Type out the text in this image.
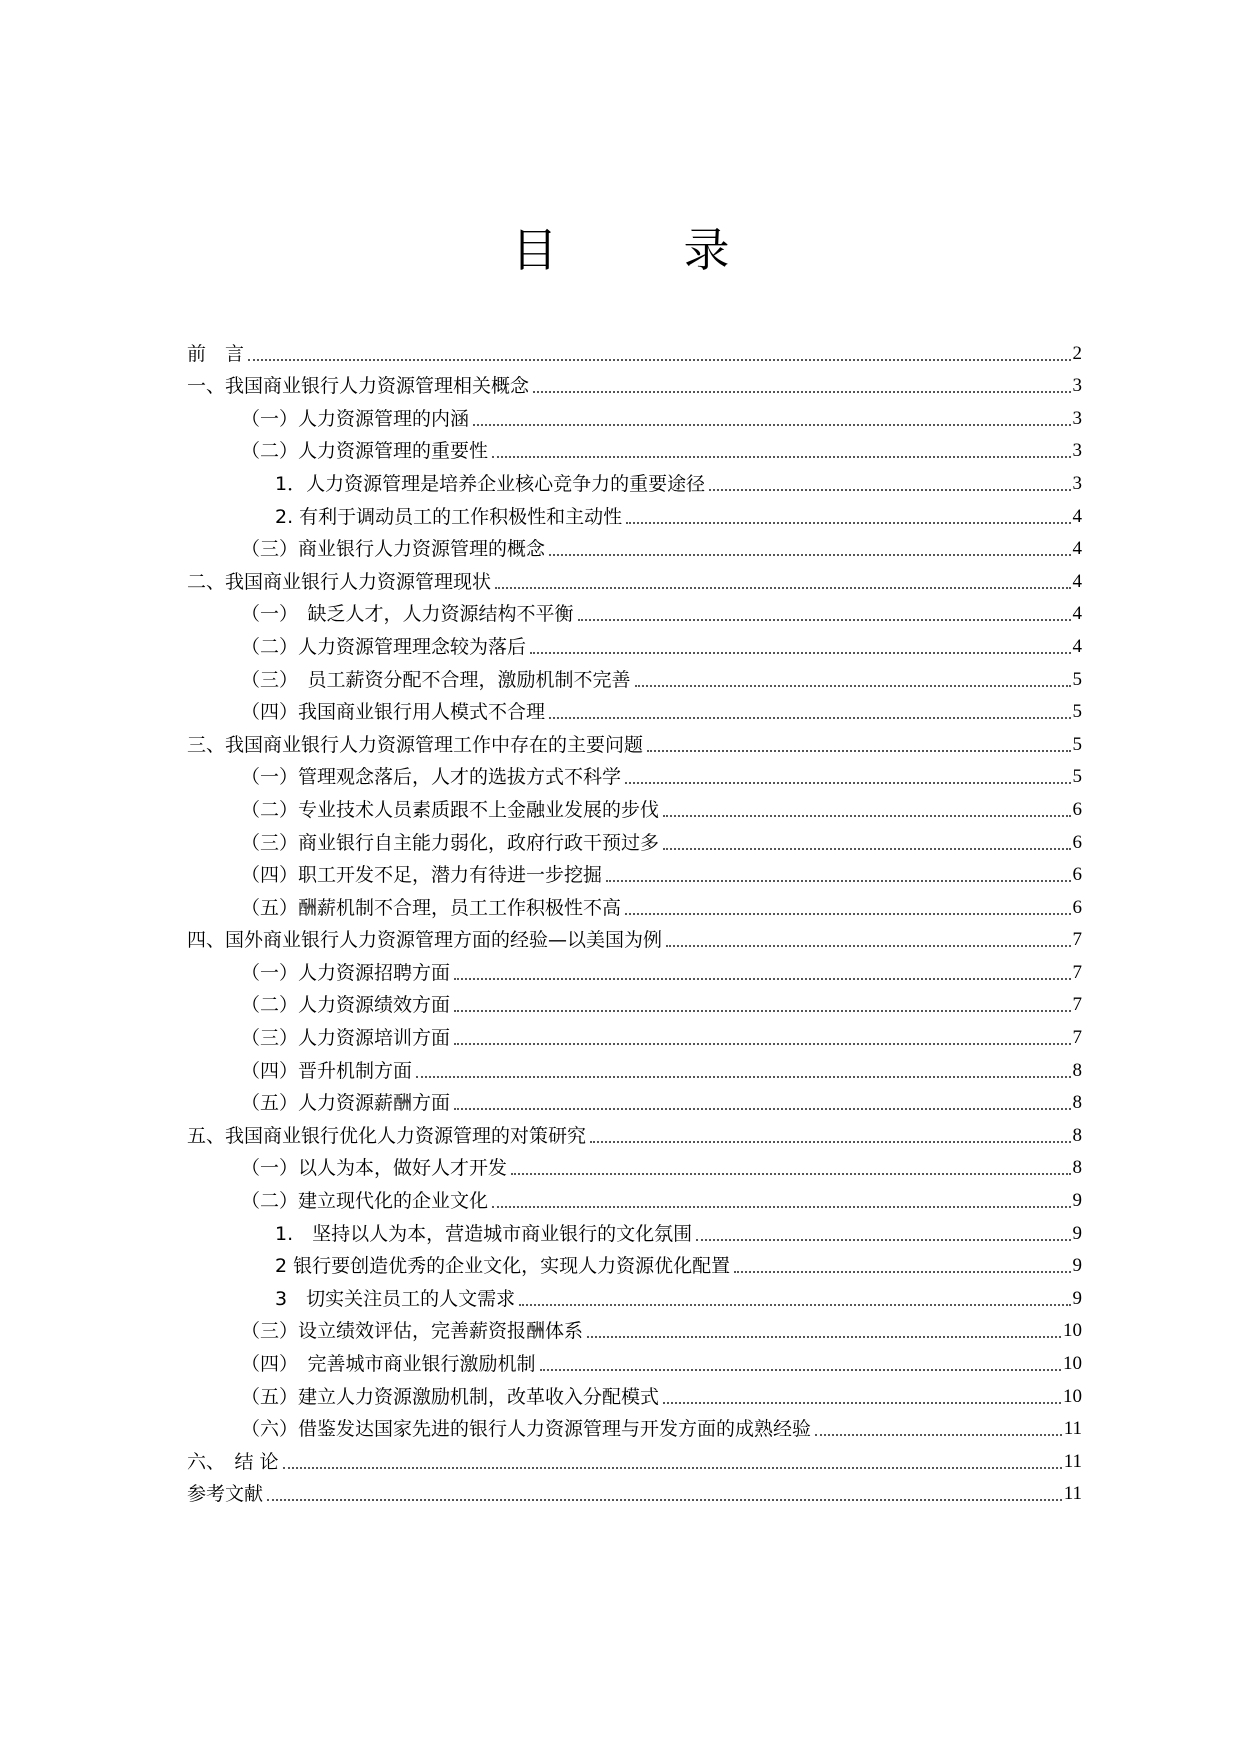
目　录
前　言	2
一、我国商业银行人力资源管理相关概念	3
（一）人力资源管理的内涵	3
（二）人力资源管理的重要性	3
1．人力资源管理是培养企业核心竞争力的重要途径	3
2. 有利于调动员工的工作积极性和主动性	4
（三）商业银行人力资源管理的概念	4
二、我国商业银行人力资源管理现状	4
（一）　缺乏人才，人力资源结构不平衡	4
（二）人力资源管理理念较为落后	4
（三）　员工薪资分配不合理，激励机制不完善	5
（四）我国商业银行用人模式不合理	5
三、我国商业银行人力资源管理工作中存在的主要问题	5
（一）管理观念落后，人才的选拔方式不科学	5
（二）专业技术人员素质跟不上金融业发展的步伐	6
（三）商业银行自主能力弱化，政府行政干预过多	6
（四）职工开发不足，潜力有待进一步挖掘	6
（五）酬薪机制不合理，员工工作积极性不高	6
四、国外商业银行人力资源管理方面的经验—以美国为例	7
（一）人力资源招聘方面	7
（二）人力资源绩效方面	7
（三）人力资源培训方面	7
（四）晋升机制方面	8
（五）人力资源薪酬方面	8
五、我国商业银行优化人力资源管理的对策研究	8
（一）以人为本，做好人才开发	8
（二）建立现代化的企业文化	9
1.　坚持以人为本，营造城市商业银行的文化氛围	9
2 银行要创造优秀的企业文化，实现人力资源优化配置	9
3　切实关注员工的人文需求	9
（三）设立绩效评估，完善薪资报酬体系	10
（四）　完善城市商业银行激励机制	10
（五）建立人力资源激励机制，改革收入分配模式	10
（六）借鉴发达国家先进的银行人力资源管理与开发方面的成熟经验	11
六、　结 论	11
参考文献	11
